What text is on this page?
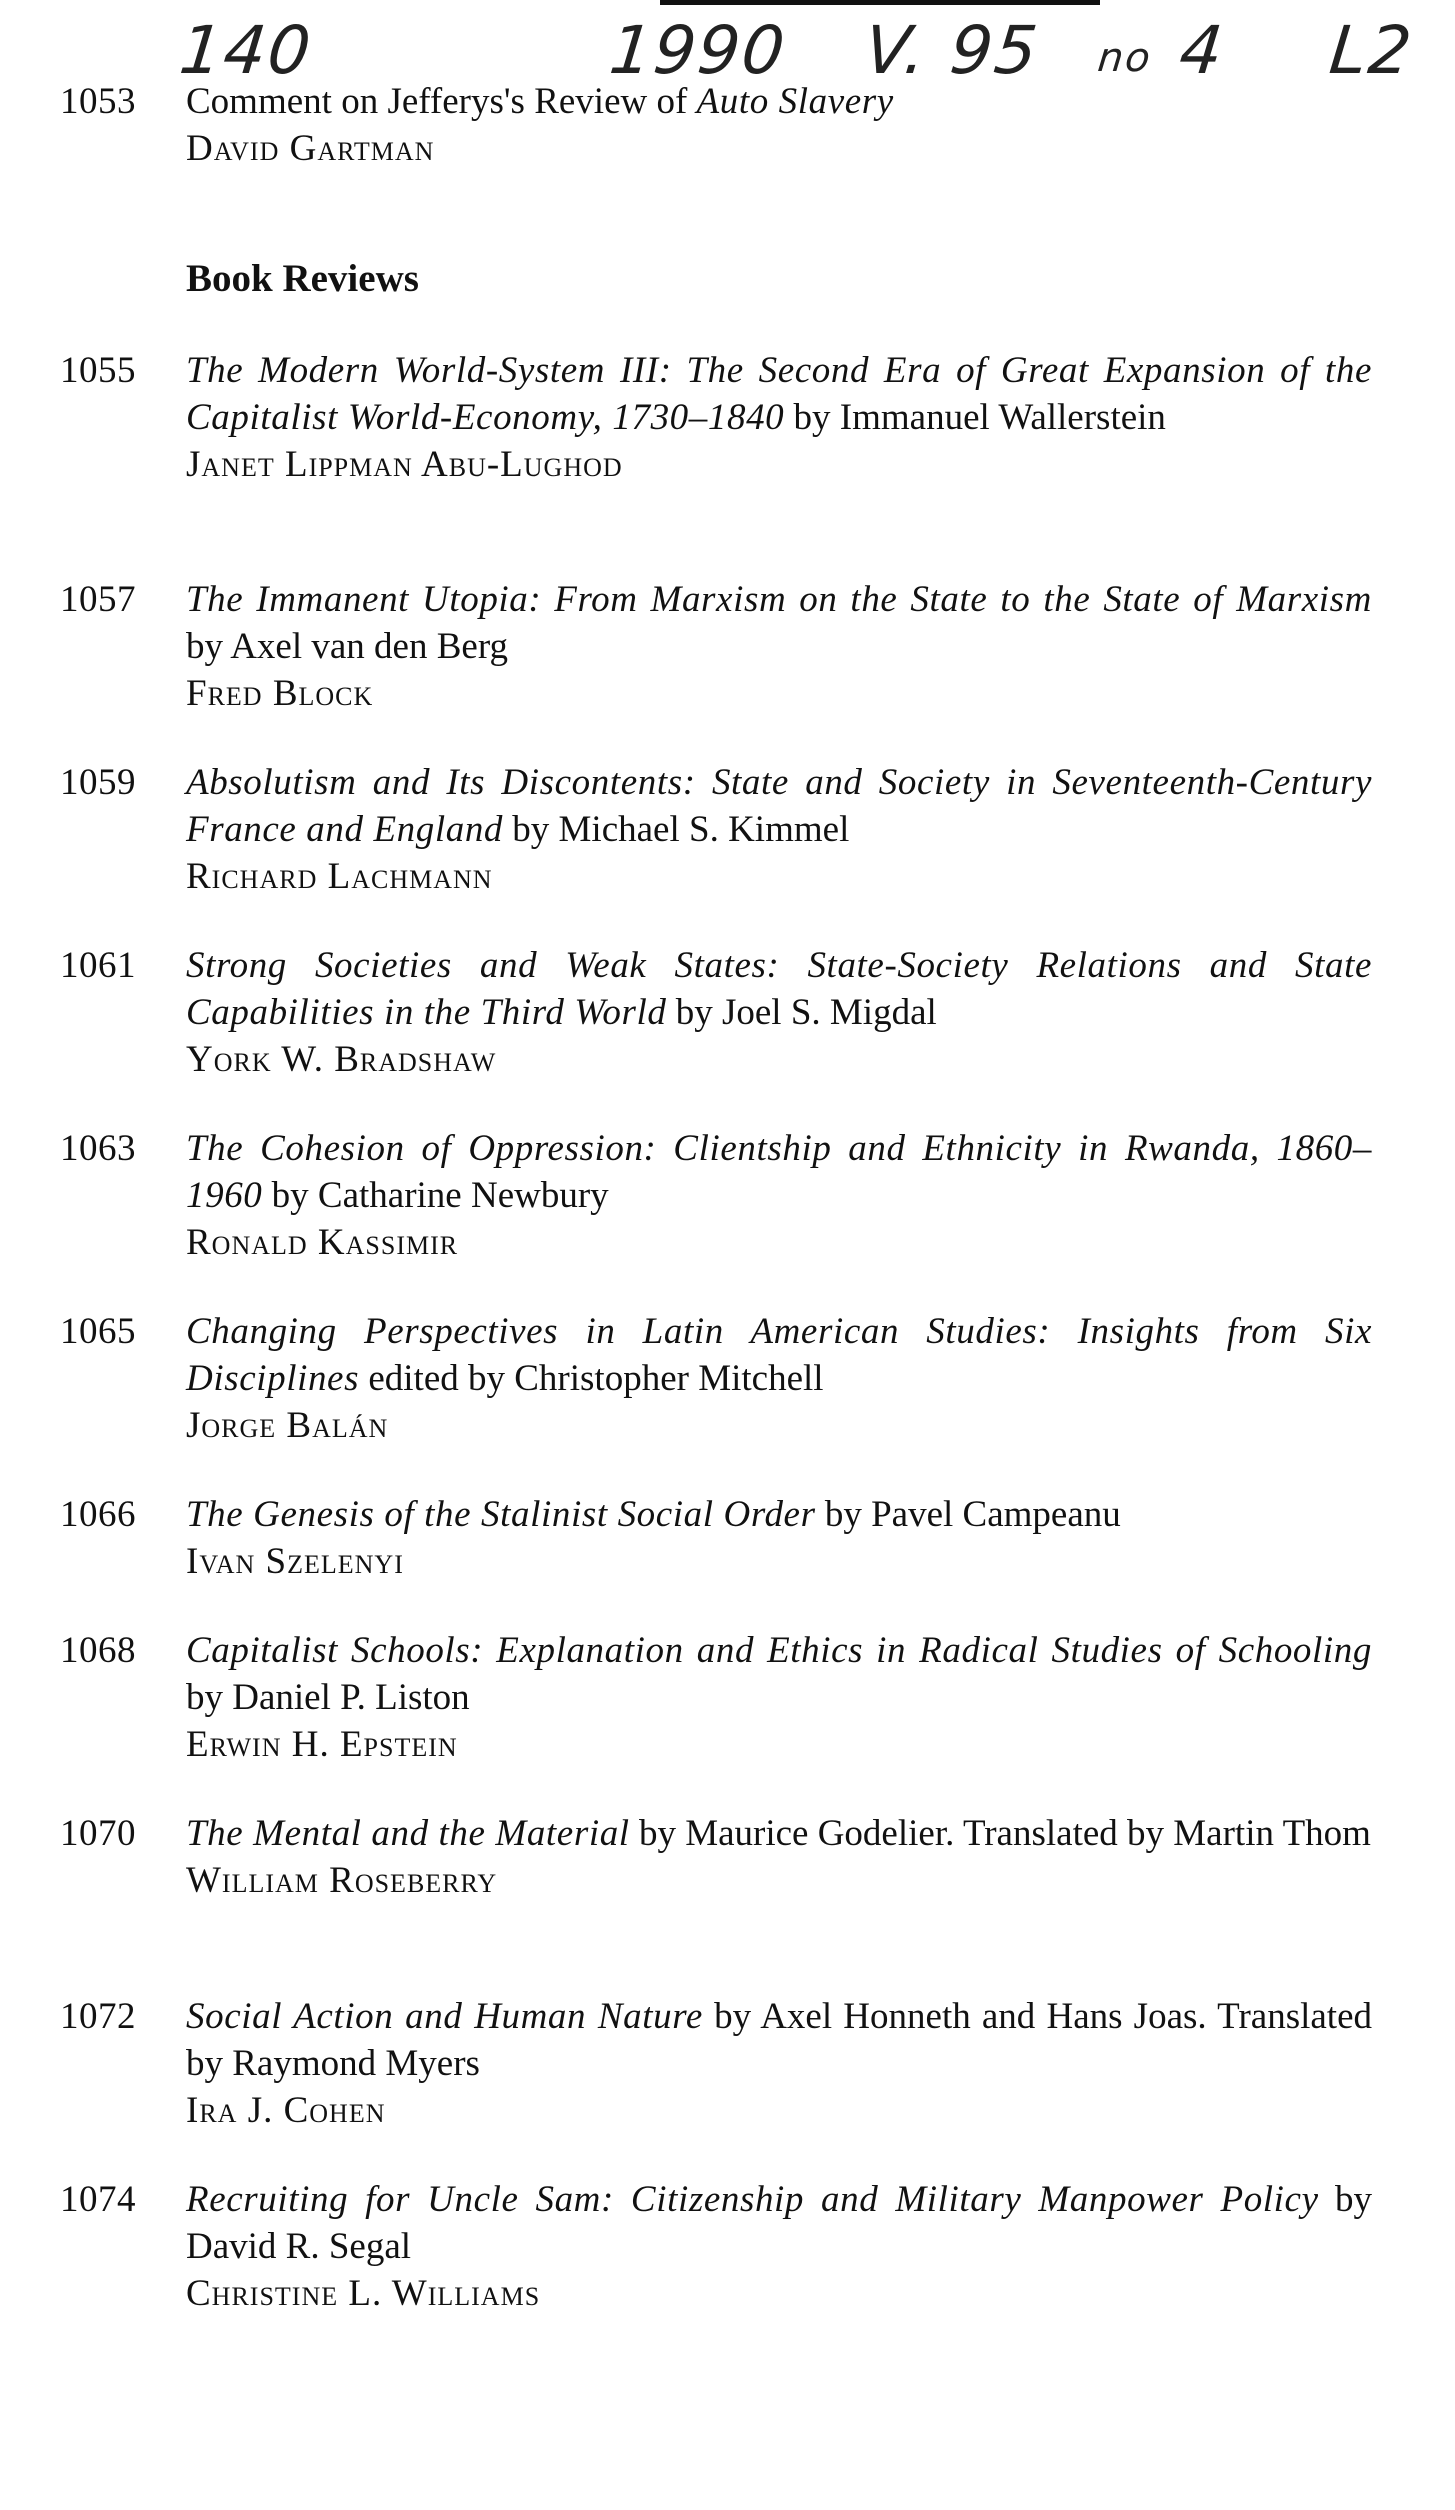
140	1990 V. 95 no 4 L2
1053 Comment on Jefferys's Review of Auto Slavery
David Gartman
Book Reviews
1055 The Modern World-System III: The Second Era of Great Expansion of the Capitalist World-Economy, 1730–1840 by Immanuel Wallerstein
Janet Lippman Abu-Lughod
1057 The Immanent Utopia: From Marxism on the State to the State of Marxism by Axel van den Berg
Fred Block
1059 Absolutism and Its Discontents: State and Society in Seventeenth-Century France and England by Michael S. Kimmel
Richard Lachmann
1061 Strong Societies and Weak States: State-Society Relations and State Capabilities in the Third World by Joel S. Migdal
York W. Bradshaw
1063 The Cohesion of Oppression: Clientship and Ethnicity in Rwanda, 1860–1960 by Catharine Newbury
Ronald Kassimir
1065 Changing Perspectives in Latin American Studies: Insights from Six Disciplines edited by Christopher Mitchell
Jorge Balán
1066 The Genesis of the Stalinist Social Order by Pavel Campeanu
Ivan Szelenyi
1068 Capitalist Schools: Explanation and Ethics in Radical Studies of Schooling by Daniel P. Liston
Erwin H. Epstein
1070 The Mental and the Material by Maurice Godelier. Translated by Martin Thom
William Roseberry
1072 Social Action and Human Nature by Axel Honneth and Hans Joas. Translated by Raymond Myers
Ira J. Cohen
1074 Recruiting for Uncle Sam: Citizenship and Military Manpower Policy by David R. Segal
Christine L. Williams
